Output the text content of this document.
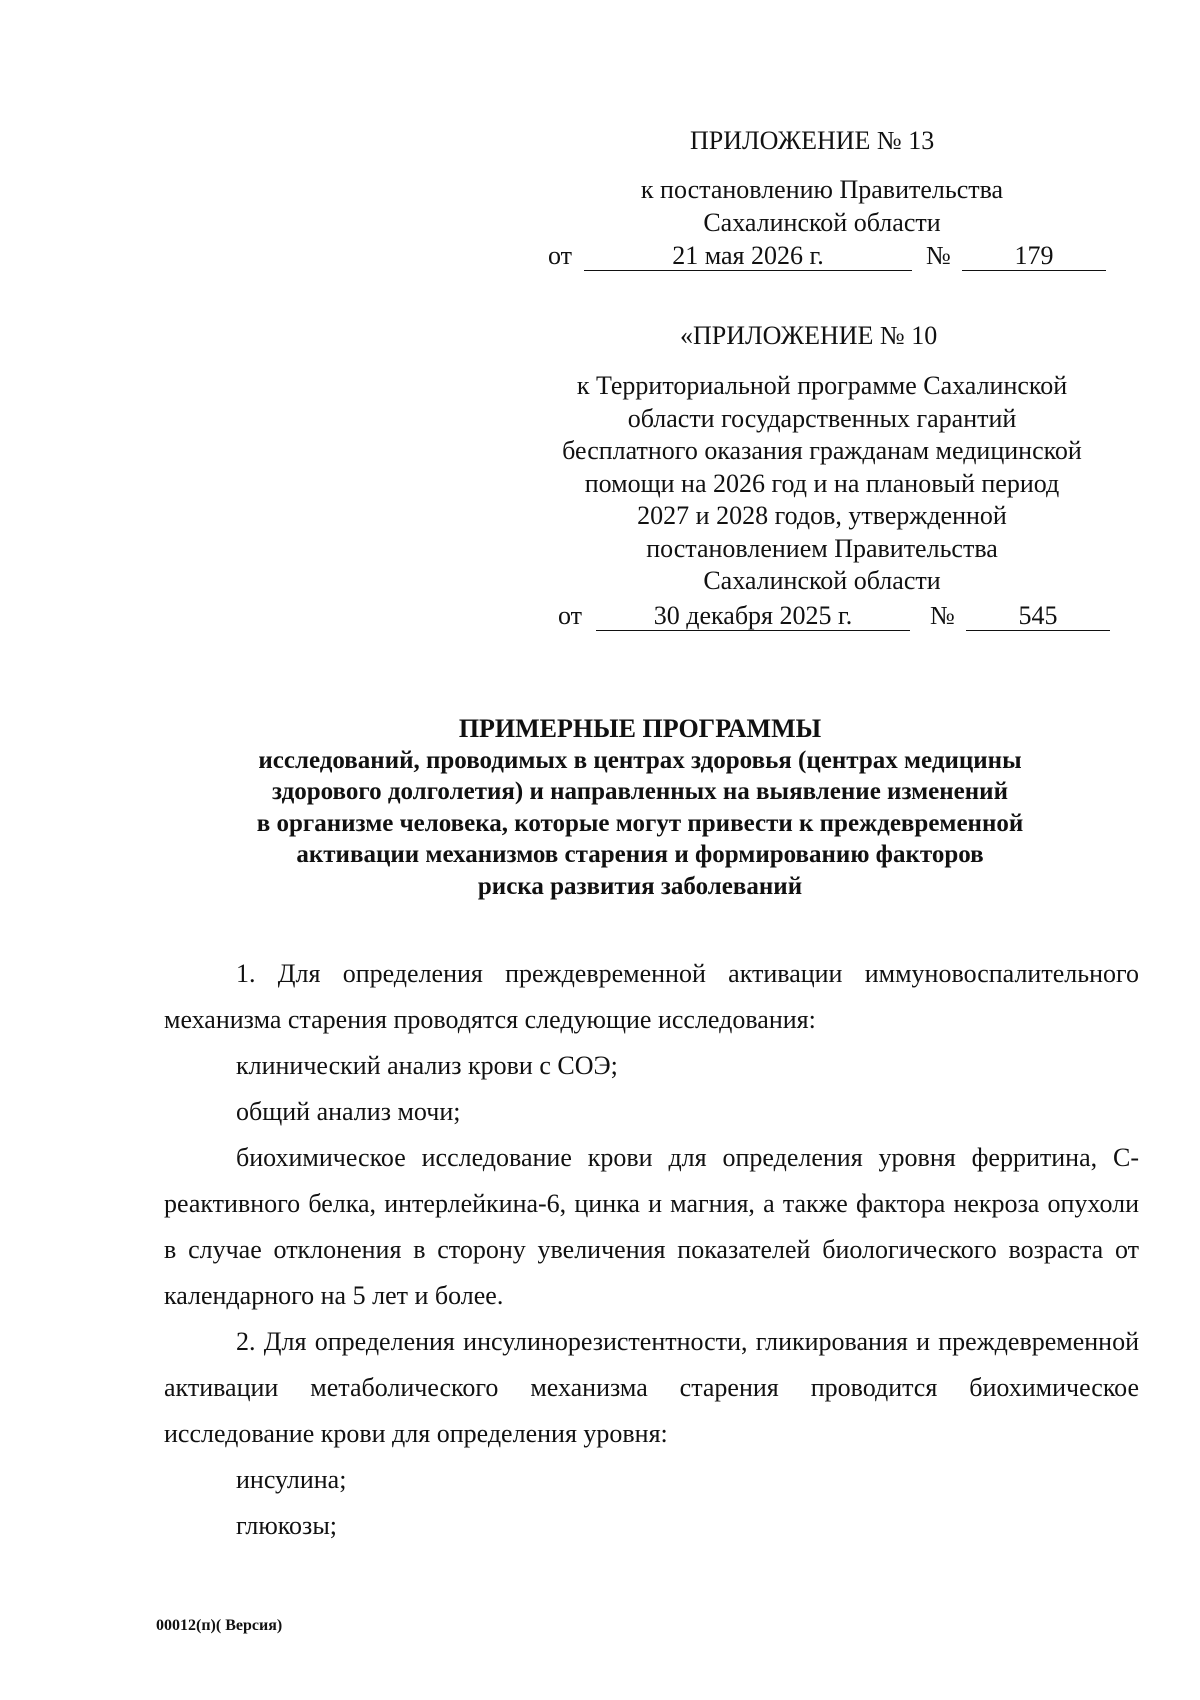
ПРИЛОЖЕНИЕ № 13
к постановлению Правительства
Сахалинской области
от	21 мая 2026 г.	№	179
«ПРИЛОЖЕНИЕ № 10
к Территориальной программе Сахалинской
области государственных гарантий
бесплатного оказания гражданам медицинской
помощи на 2026 год и на плановый период
2027 и 2028 годов, утвержденной
постановлением Правительства
Сахалинской области
от	30 декабря 2025 г.	№	545
ПРИМЕРНЫЕ ПРОГРАММЫ
исследований, проводимых в центрах здоровья (центрах медицины
здорового долголетия) и направленных на выявление изменений
в организме человека, которые могут привести к преждевременной
активации механизмов старения и формированию факторов
риска развития заболеваний

1. Для определения преждевременной активации иммуновоспалительного механизма старения проводятся следующие исследования:

клинический анализ крови с СОЭ;

общий анализ мочи;

биохимическое исследование крови для определения уровня ферритина, С-реактивного белка, интерлейкина-6, цинка и магния, а также фактора некроза опухоли в случае отклонения в сторону увеличения показателей биологического возраста от календарного на 5 лет и более.

2. Для определения инсулинорезистентности, гликирования и преждевременной активации метаболического механизма старения проводится биохимическое исследование крови для определения уровня:

инсулина;

глюкозы;

00012(п)( Версия)
